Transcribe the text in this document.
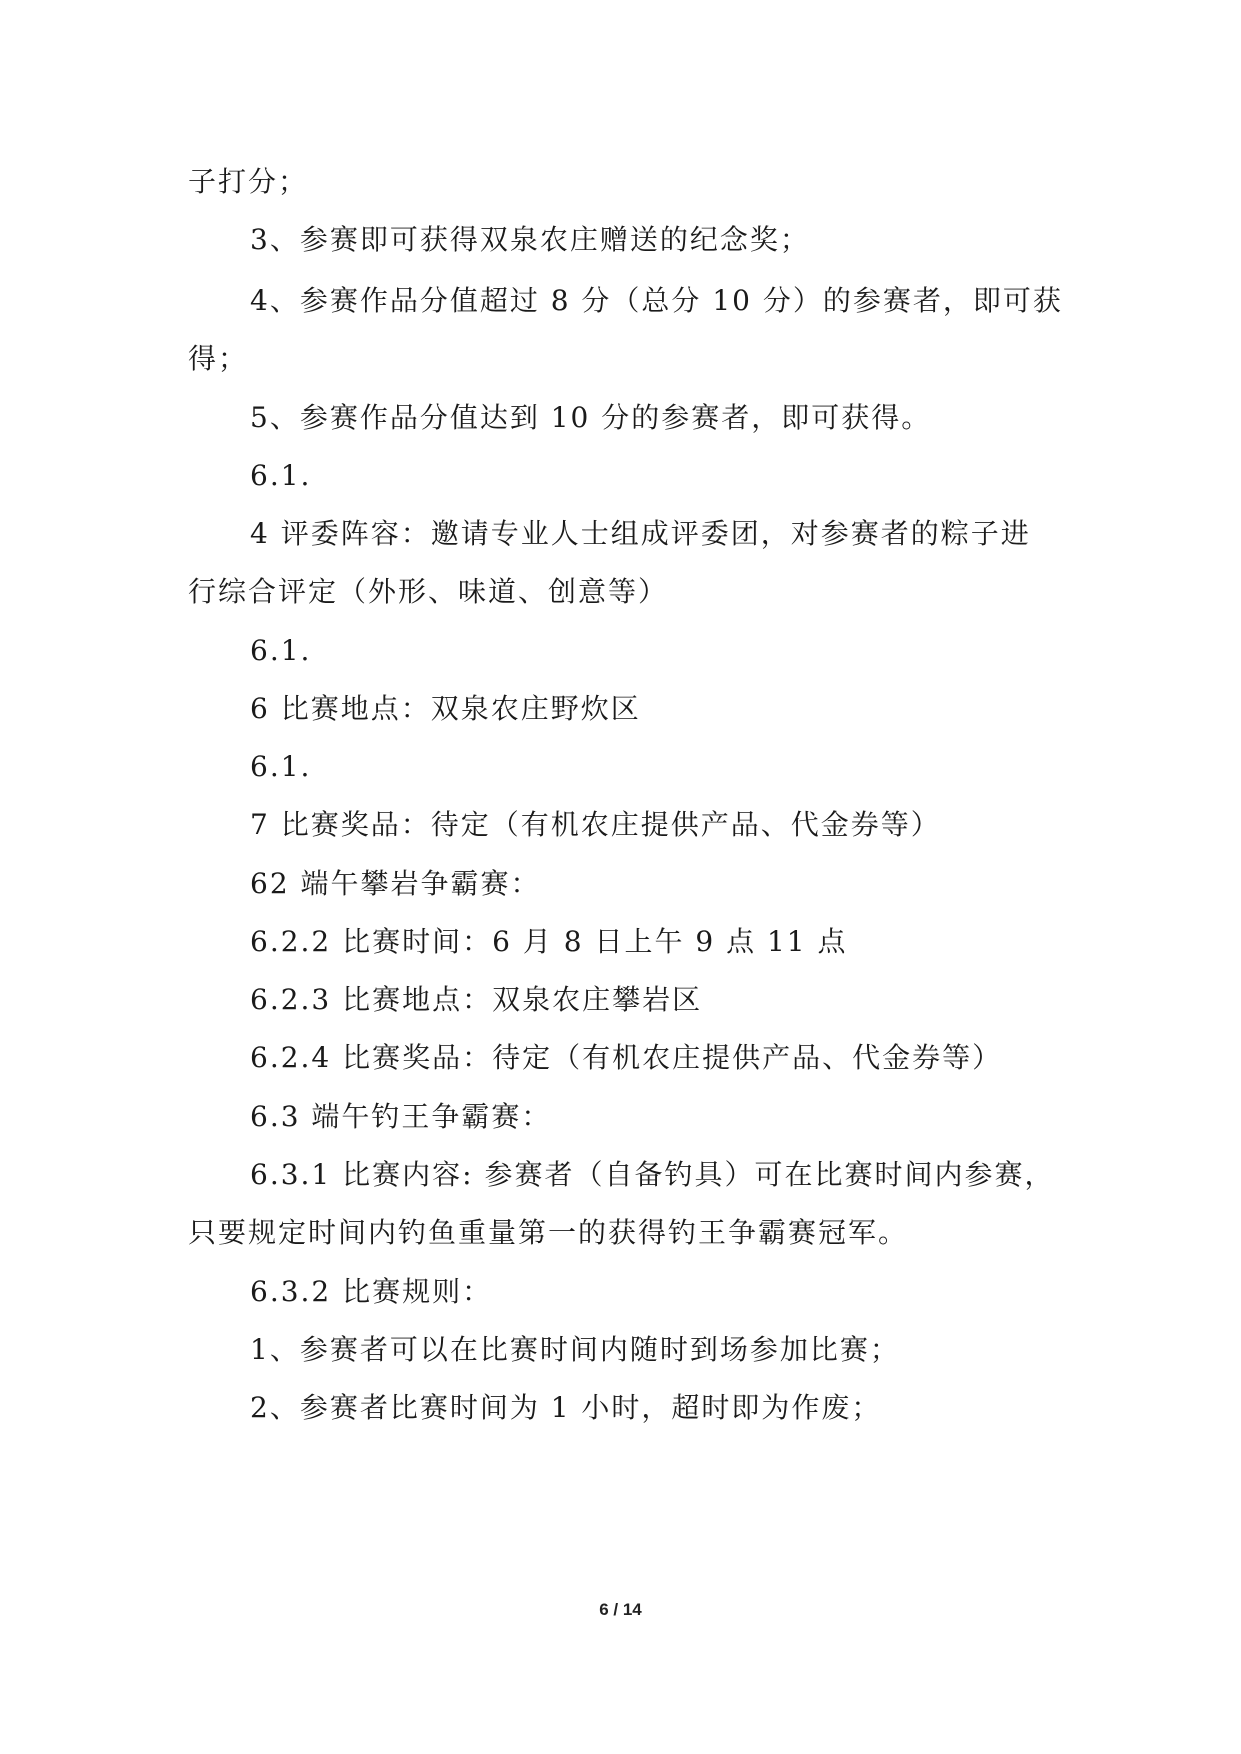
子打分；
3、参赛即可获得双泉农庄赠送的纪念奖；
4、参赛作品分值超过 8 分（总分 10 分）的参赛者，即可获
得；
5、参赛作品分值达到 10 分的参赛者，即可获得。
6.1.
4 评委阵容：邀请专业人士组成评委团，对参赛者的粽子进
行综合评定（外形、味道、创意等）
6.1.
6 比赛地点：双泉农庄野炊区
6.1.
7 比赛奖品：待定（有机农庄提供产品、代金券等）
62 端午攀岩争霸赛：
6.2.2 比赛时间：6 月 8 日上午 9 点 11 点
6.2.3 比赛地点：双泉农庄攀岩区
6.2.4 比赛奖品：待定（有机农庄提供产品、代金券等）
6.3 端午钓王争霸赛：
6.3.1 比赛内容: 参赛者（自备钓具）可在比赛时间内参赛，
只要规定时间内钓鱼重量第一的获得钓王争霸赛冠军。
6.3.2 比赛规则：
1、参赛者可以在比赛时间内随时到场参加比赛；
2、参赛者比赛时间为 1 小时，超时即为作废；
6 / 14
